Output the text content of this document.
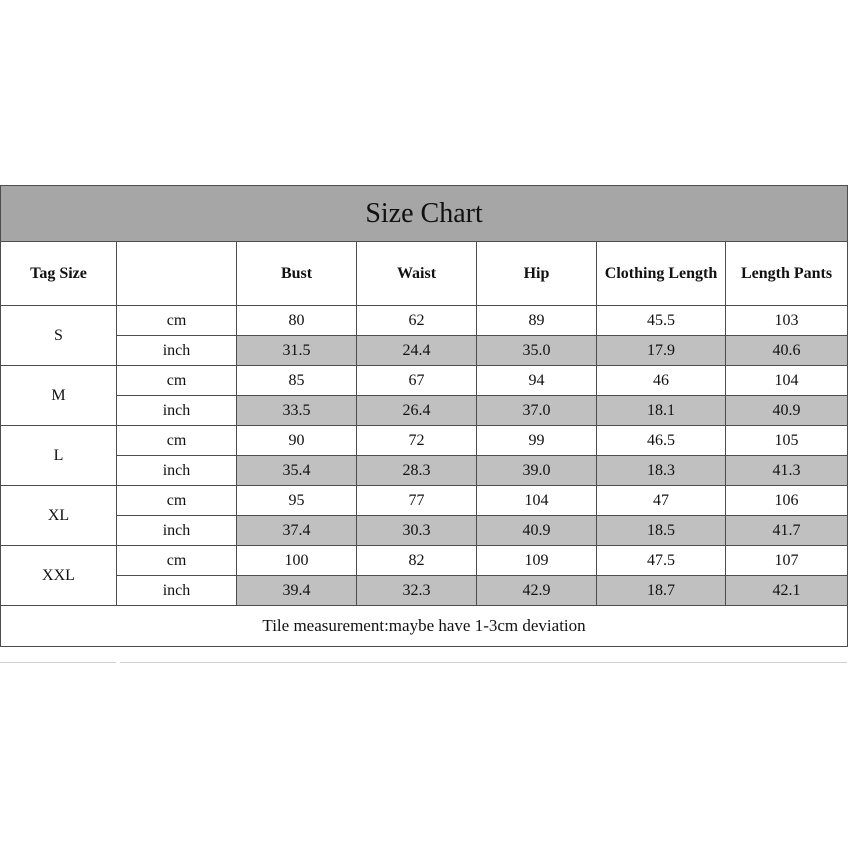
Size Chart						
Tag Size		Bust	Waist	Hip	Clothing Length	Length Pants
S	cm	80	62	89	45.5	103
	inch	31.5	24.4	35.0	17.9	40.6
M	cm	85	67	94	46	104
	inch	33.5	26.4	37.0	18.1	40.9
L	cm	90	72	99	46.5	105
	inch	35.4	28.3	39.0	18.3	41.3
XL	cm	95	77	104	47	106
	inch	37.4	30.3	40.9	18.5	41.7
XXL	cm	100	82	109	47.5	107
	inch	39.4	32.3	42.9	18.7	42.1
Tile measurement:maybe have 1-3cm deviation						
